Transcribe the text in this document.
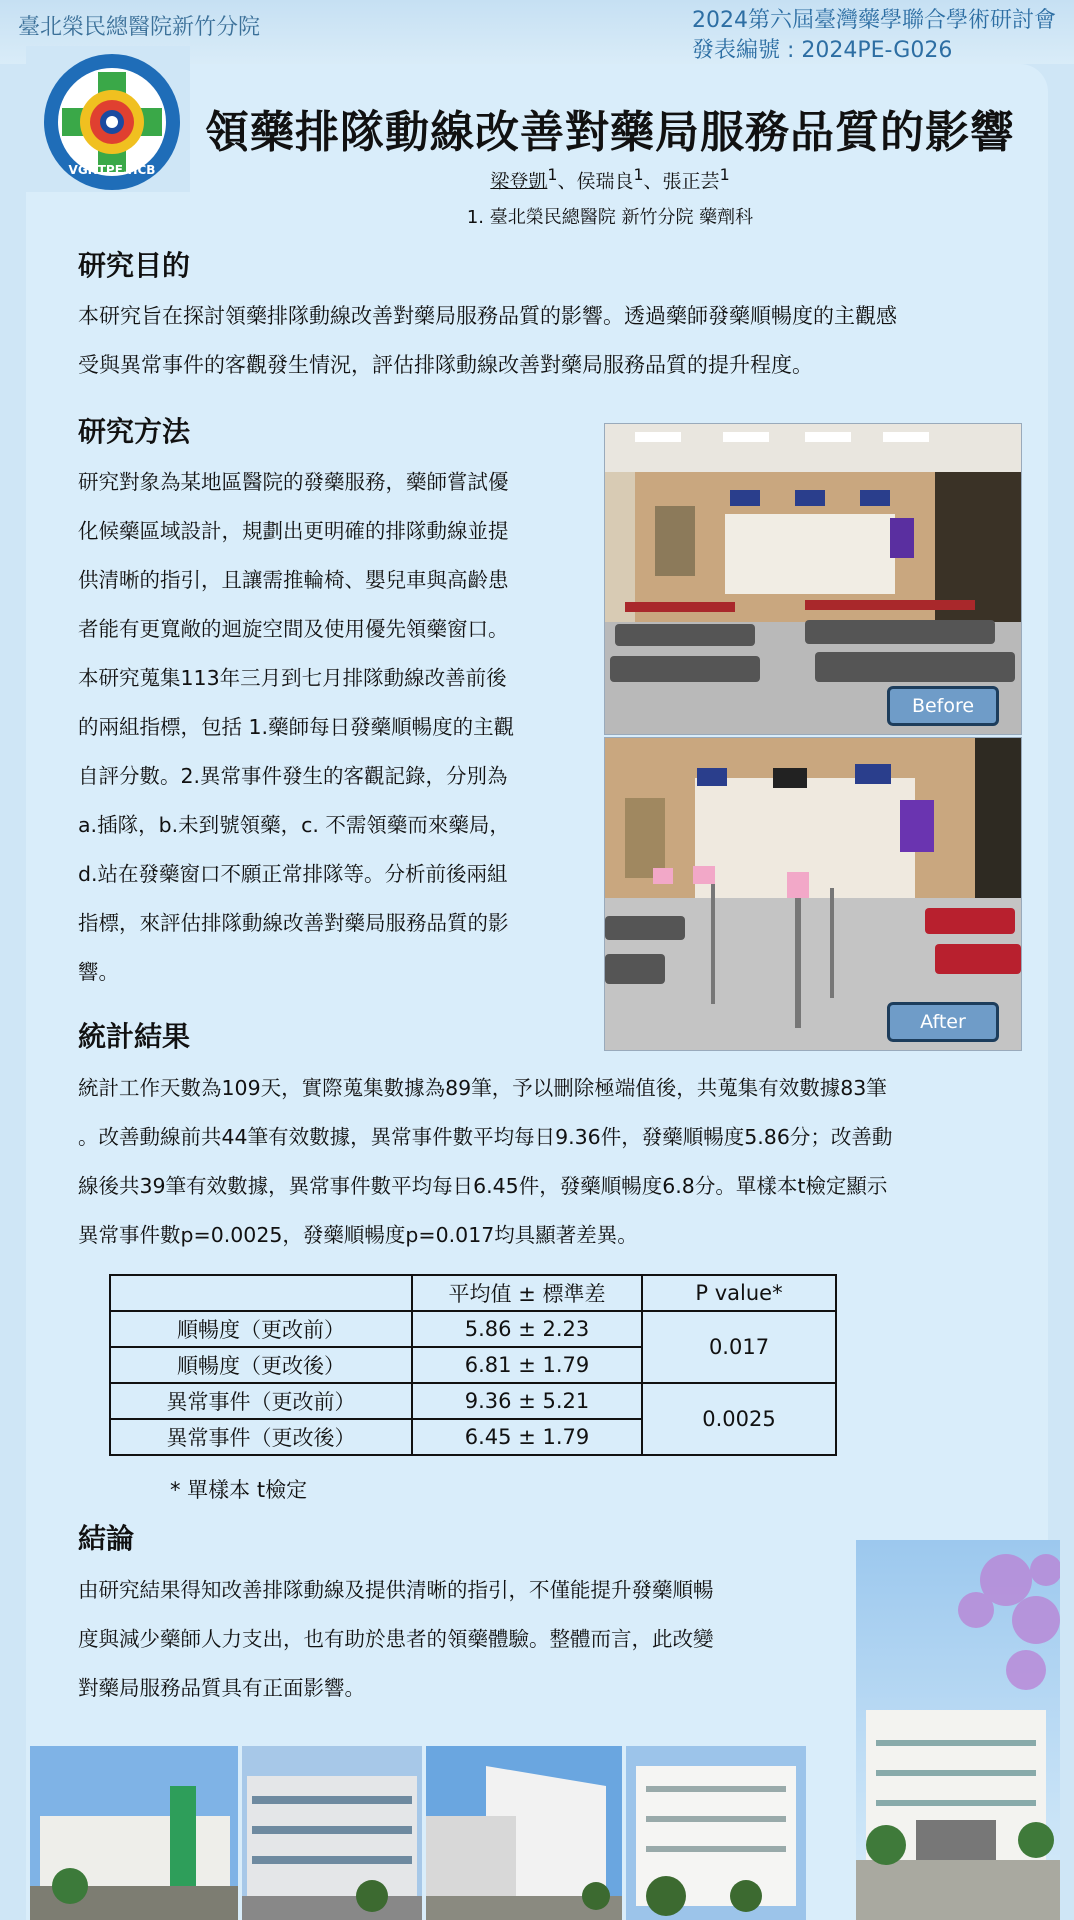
臺北榮民總醫院新竹分院	2024第六屆臺灣藥學聯合學術研討會
發表編號 : 2024PE-G026
VGHTPE.HCB
領藥排隊動線改善對藥局服務品質的影響
梁登凱$^1$、侯瑞良$^1$、張正芸$^1$
1. 臺北榮民總醫院 新竹分院 藥劑科
研究目的
本研究旨在探討領藥排隊動線改善對藥局服務品質的影響。透過藥師發藥順暢度的主觀感
受與異常事件的客觀發生情況，評估排隊動線改善對藥局服務品質的提升程度。
研究方法
研究對象為某地區醫院的發藥服務，藥師嘗試優
化候藥區域設計，規劃出更明確的排隊動線並提
供清晰的指引，且讓需推輪椅、嬰兒車與高齡患
者能有更寬敞的迴旋空間及使用優先領藥窗口。
本研究蒐集113年三月到七月排隊動線改善前後
的兩組指標，包括 1.藥師每日發藥順暢度的主觀
自評分數。2.異常事件發生的客觀記錄，分別為
a.插隊，b.未到號領藥，c. 不需領藥而來藥局，
d.站在發藥窗口不願正常排隊等。分析前後兩組
指標，來評估排隊動線改善對藥局服務品質的影
響。
Before
After
統計結果
統計工作天數為109天，實際蒐集數據為89筆，予以刪除極端值後，共蒐集有效數據83筆
。改善動線前共44筆有效數據，異常事件數平均每日9.36件，發藥順暢度5.86分；改善動
線後共39筆有效數據，異常事件數平均每日6.45件，發藥順暢度6.8分。單樣本t檢定顯示
異常事件數p=0.0025，發藥順暢度p=0.017均具顯著差異。
	平均值 ± 標準差	P value*
順暢度（更改前）	5.86 ± 2.23	0.017
順暢度（更改後）	6.81 ± 1.79	
異常事件（更改前）	9.36 ± 5.21	0.0025
異常事件（更改後）	6.45 ± 1.79	
* 單樣本 t檢定
結論
由研究結果得知改善排隊動線及提供清晰的指引，不僅能提升發藥順暢
度與減少藥師人力支出，也有助於患者的領藥體驗。整體而言，此改變
對藥局服務品質具有正面影響。
